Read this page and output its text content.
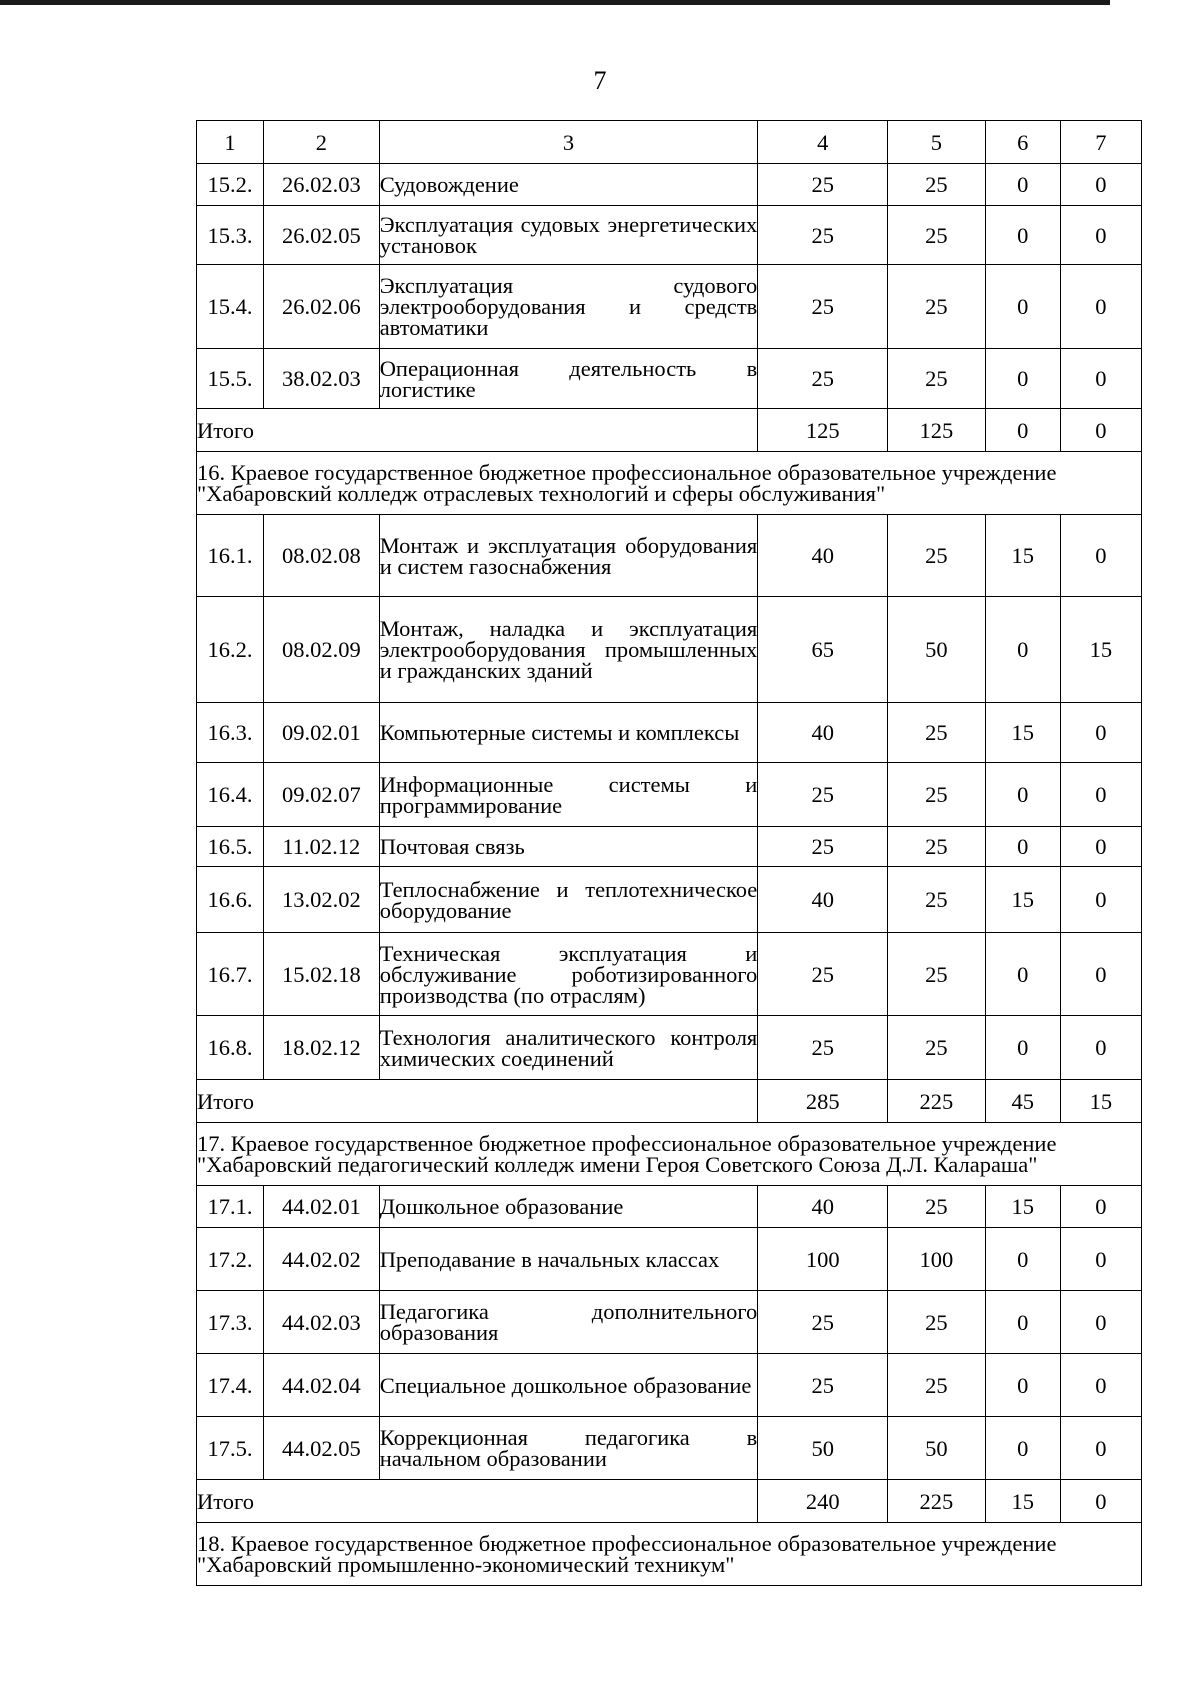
7
1	2	3	4	5	6	7
15.2.	26.02.03	Судовождение	25	25	0	0
15.3.	26.02.05	Эксплуатация судовых энергетических установок	25	25	0	0
15.4.	26.02.06	Эксплуатация судового электрооборудования и средств автоматики	25	25	0	0
15.5.	38.02.03	Операционная деятельность в логистике	25	25	0	0
Итого			125	125	0	0

16. Краевое государственное бюджетное профессиональное образовательное учреждение
"Хабаровский колледж отраслевых технологий и сферы обслуживания"						

16.1.	08.02.08	Монтаж и эксплуатация оборудования и систем газоснабжения	40	25	15	0
16.2.	08.02.09	Монтаж, наладка и эксплуатация электрооборудования промышленных и гражданских зданий	65	50	0	15
16.3.	09.02.01	Компьютерные системы и комплексы	40	25	15	0
16.4.	09.02.07	Информационные системы и программирование	25	25	0	0
16.5.	11.02.12	Почтовая связь	25	25	0	0
16.6.	13.02.02	Теплоснабжение и теплотехническое оборудование	40	25	15	0
16.7.	15.02.18	Техническая эксплуатация и обслуживание роботизированного производства (по отраслям)	25	25	0	0
16.8.	18.02.12	Технология аналитического контроля химических соединений	25	25	0	0
Итого			285	225	45	15

17. Краевое государственное бюджетное профессиональное образовательное учреждение
"Хабаровский педагогический колледж имени Героя Советского Союза Д.Л. Калараша"						

17.1.	44.02.01	Дошкольное образование	40	25	15	0
17.2.	44.02.02	Преподавание в начальных классах	100	100	0	0
17.3.	44.02.03	Педагогика дополнительного образования	25	25	0	0
17.4.	44.02.04	Специальное дошкольное образование	25	25	0	0
17.5.	44.02.05	Коррекционная педагогика в начальном образовании	50	50	0	0
Итого			240	225	15	0

18. Краевое государственное бюджетное профессиональное образовательное учреждение
"Хабаровский промышленно-экономический техникум"						
